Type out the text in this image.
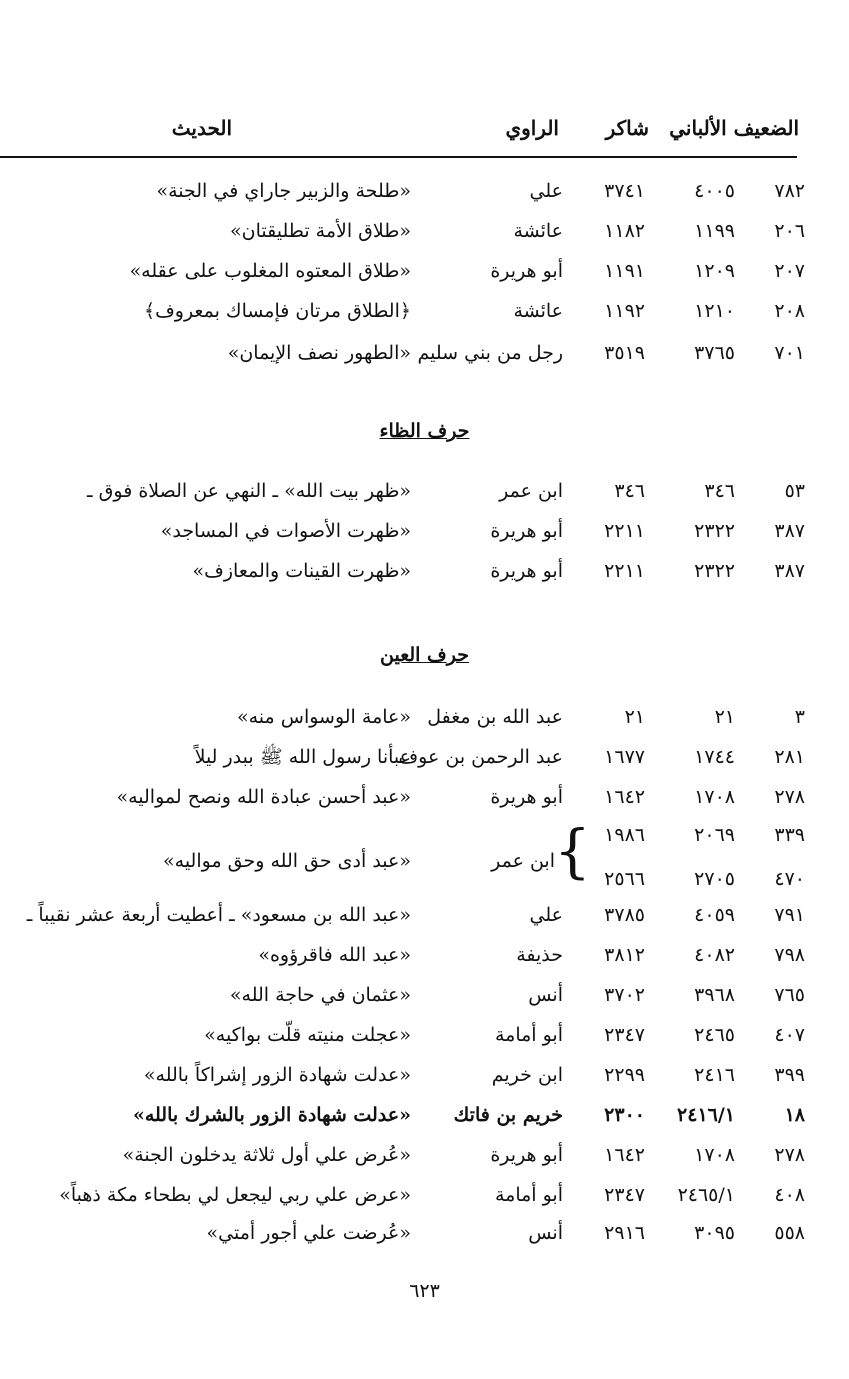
الضعيف الألباني
شاكر
الراوي
الحديث
٧٨٢
٤٠٠٥
٣٧٤١
علي
«طلحة والزبير جاراي في الجنة»
٢٠٦
١١٩٩
١١٨٢
عائشة
«طلاق الأمة تطليقتان»
٢٠٧
١٢٠٩
١١٩١
أبو هريرة
«طلاق المعتوه المغلوب على عقله»
٢٠٨
١٢١٠
١١٩٢
عائشة
﴿الطلاق مرتان فإمساك بمعروف﴾
٧٠١
٣٧٦٥
٣٥١٩
رجل من بني سليم
«الطهور نصف الإيمان»
حرف الظاء
٥٣
٣٤٦
٣٤٦
ابن عمر
«ظهر بيت الله» ـ النهي عن الصلاة فوق ـ
٣٨٧
٢٣٢٢
٢٢١١
أبو هريرة
«ظهرت الأصوات في المساجد»
٣٨٧
٢٣٢٢
٢٢١١
أبو هريرة
«ظهرت القينات والمعازف»
حرف العين
٣
٢١
٢١
عبد الله بن مغفل
«عامة الوسواس منه»
٢٨١
١٧٤٤
١٦٧٧
عبد الرحمن بن عوف
عبأنا رسول الله ﷺ ببدر ليلاً
٢٧٨
١٧٠٨
١٦٤٢
أبو هريرة
«عبد أحسن عبادة الله ونصح لمواليه»
٣٣٩
٢٠٦٩
١٩٨٦
٤٧٠
٢٧٠٥
٢٥٦٦
٧٩١
٤٠٥٩
٣٧٨٥
علي
«عبد الله بن مسعود» ـ أعطيت أربعة عشر نقيباً ـ
٧٩٨
٤٠٨٢
٣٨١٢
حذيفة
«عبد الله فاقرؤوه»
٧٦٥
٣٩٦٨
٣٧٠٢
أنس
«عثمان في حاجة الله»
٤٠٧
٢٤٦٥
٢٣٤٧
أبو أمامة
«عجلت منيته قلّت بواكيه»
٣٩٩
٢٤١٦
٢٢٩٩
ابن خريم
«عدلت شهادة الزور إشراكاً بالله»
١٨
٢٤١٦/١
٢٣٠٠
خريم بن فاتك
«عدلت شهادة الزور بالشرك بالله»
٢٧٨
١٧٠٨
١٦٤٢
أبو هريرة
«عُرض علي أول ثلاثة يدخلون الجنة»
٤٠٨
٢٤٦٥/١
٢٣٤٧
أبو أمامة
«عرض علي ربي ليجعل لي بطحاء مكة ذهباً»
٥٥٨
٣٠٩٥
٢٩١٦
أنس
«عُرضت علي أجور أمتي»
ابن عمر
«عبد أدى حق الله وحق مواليه» {
٦٢٣
